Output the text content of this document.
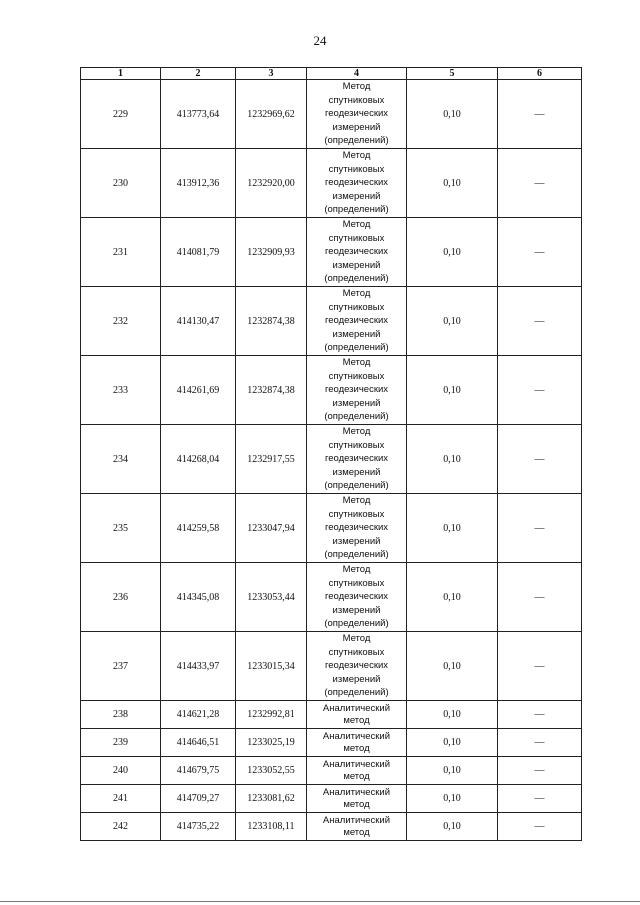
24
1	2	3	4	5	6
229	413773,64	1232969,62	Метод
спутниковых
геодезических
измерений
(определений)	0,10	—
230	413912,36	1232920,00	Метод
спутниковых
геодезических
измерений
(определений)	0,10	—
231	414081,79	1232909,93	Метод
спутниковых
геодезических
измерений
(определений)	0,10	—
232	414130,47	1232874,38	Метод
спутниковых
геодезических
измерений
(определений)	0,10	—
233	414261,69	1232874,38	Метод
спутниковых
геодезических
измерений
(определений)	0,10	—
234	414268,04	1232917,55	Метод
спутниковых
геодезических
измерений
(определений)	0,10	—
235	414259,58	1233047,94	Метод
спутниковых
геодезических
измерений
(определений)	0,10	—
236	414345,08	1233053,44	Метод
спутниковых
геодезических
измерений
(определений)	0,10	—
237	414433,97	1233015,34	Метод
спутниковых
геодезических
измерений
(определений)	0,10	—
238	414621,28	1232992,81	Аналитический
метод	0,10	—
239	414646,51	1233025,19	Аналитический
метод	0,10	—
240	414679,75	1233052,55	Аналитический
метод	0,10	—
241	414709,27	1233081,62	Аналитический
метод	0,10	—
242	414735,22	1233108,11	Аналитический
метод	0,10	—
